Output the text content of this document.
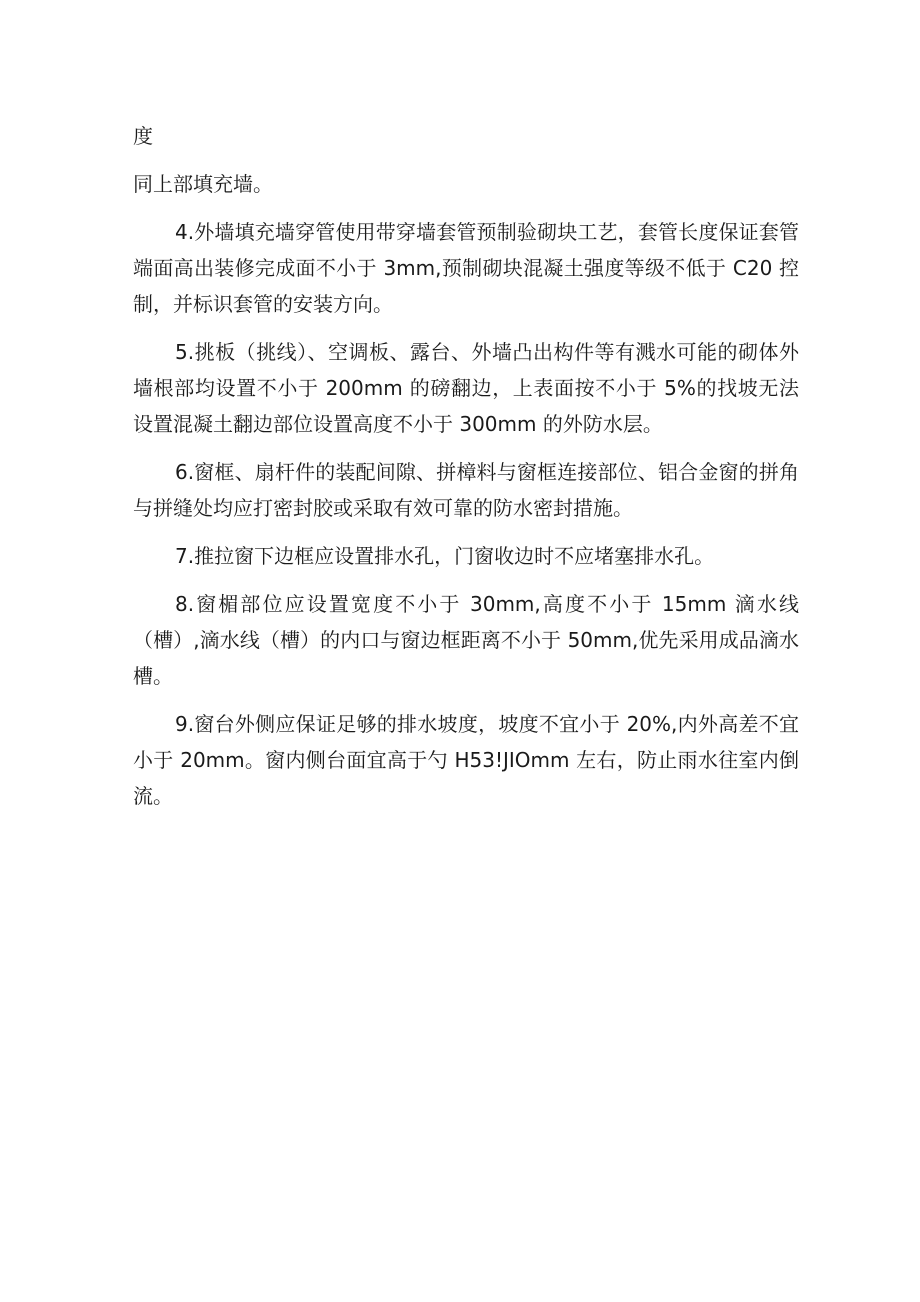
度

同上部填充墙。

4.外墙填充墙穿管使用带穿墙套管预制验砌块工艺，套管长度保证套管端面高出装修完成面不小于 3mm,预制砌块混凝土强度等级不低于 C20 控制，并标识套管的安装方向。

5.挑板（挑线）、空调板、露台、外墙凸出构件等有溅水可能的砌体外墙根部均设置不小于 200mm 的磅翻边，上表面按不小于 5%的找坡无法设置混凝土翻边部位设置高度不小于 300mm 的外防水层。

6.窗框、扇杆件的装配间隙、拼樟料与窗框连接部位、铝合金窗的拼角与拼缝处均应打密封胶或采取有效可靠的防水密封措施。

7.推拉窗下边框应设置排水孔，门窗收边时不应堵塞排水孔。

8.窗楣部位应设置宽度不小于 30mm,高度不小于 15mm 滴水线（槽）,滴水线（槽）的内口与窗边框距离不小于 50mm,优先采用成品滴水槽。

9.窗台外侧应保证足够的排水坡度，坡度不宜小于 20%,内外高差不宜小于 20mm。窗内侧台面宜高于勺 H53!JIOmm 左右，防止雨水往室内倒流。
